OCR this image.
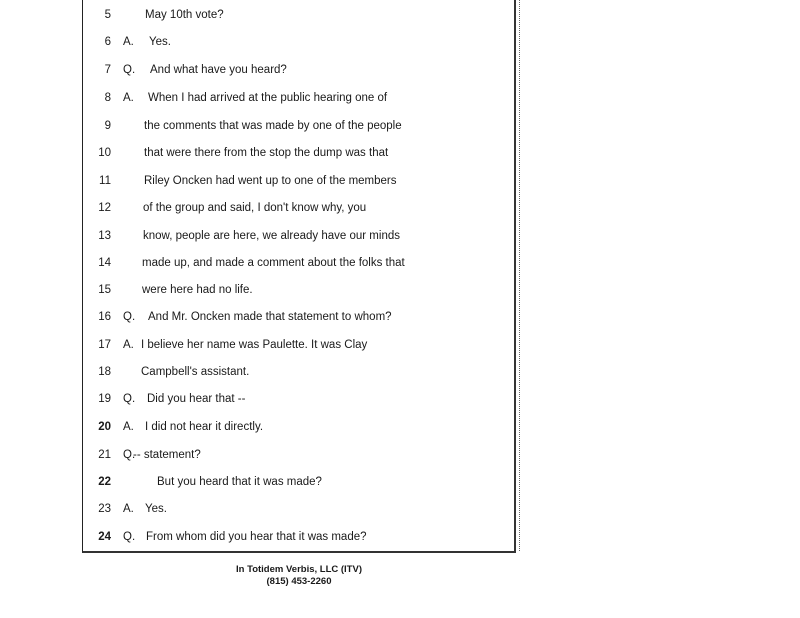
5	May 10th vote?
6 A. Yes.
7 Q. And what have you heard?
8 A. When I had arrived at the public hearing one of
9	the comments that was made by one of the people
10	that were there from the stop the dump was that
11	Riley Oncken had went up to one of the members
12	of the group and said, I don't know why, you
13	know, people are here, we already have our minds
14	made up, and made a comment about the folks that
15	were here had no life.
16 Q. And Mr. Oncken made that statement to whom?
17 A. I believe her name was Paulette. It was Clay
18	Campbell's assistant.
19 Q. Did you hear that --
20 A. I did not hear it directly.
21 Q.
-- statement?
22	But you heard that it was made?
23 A. Yes.
24 Q. From whom did you hear that it was made?
In Totidem Verbis, LLC (ITV)
(815) 453-2260
